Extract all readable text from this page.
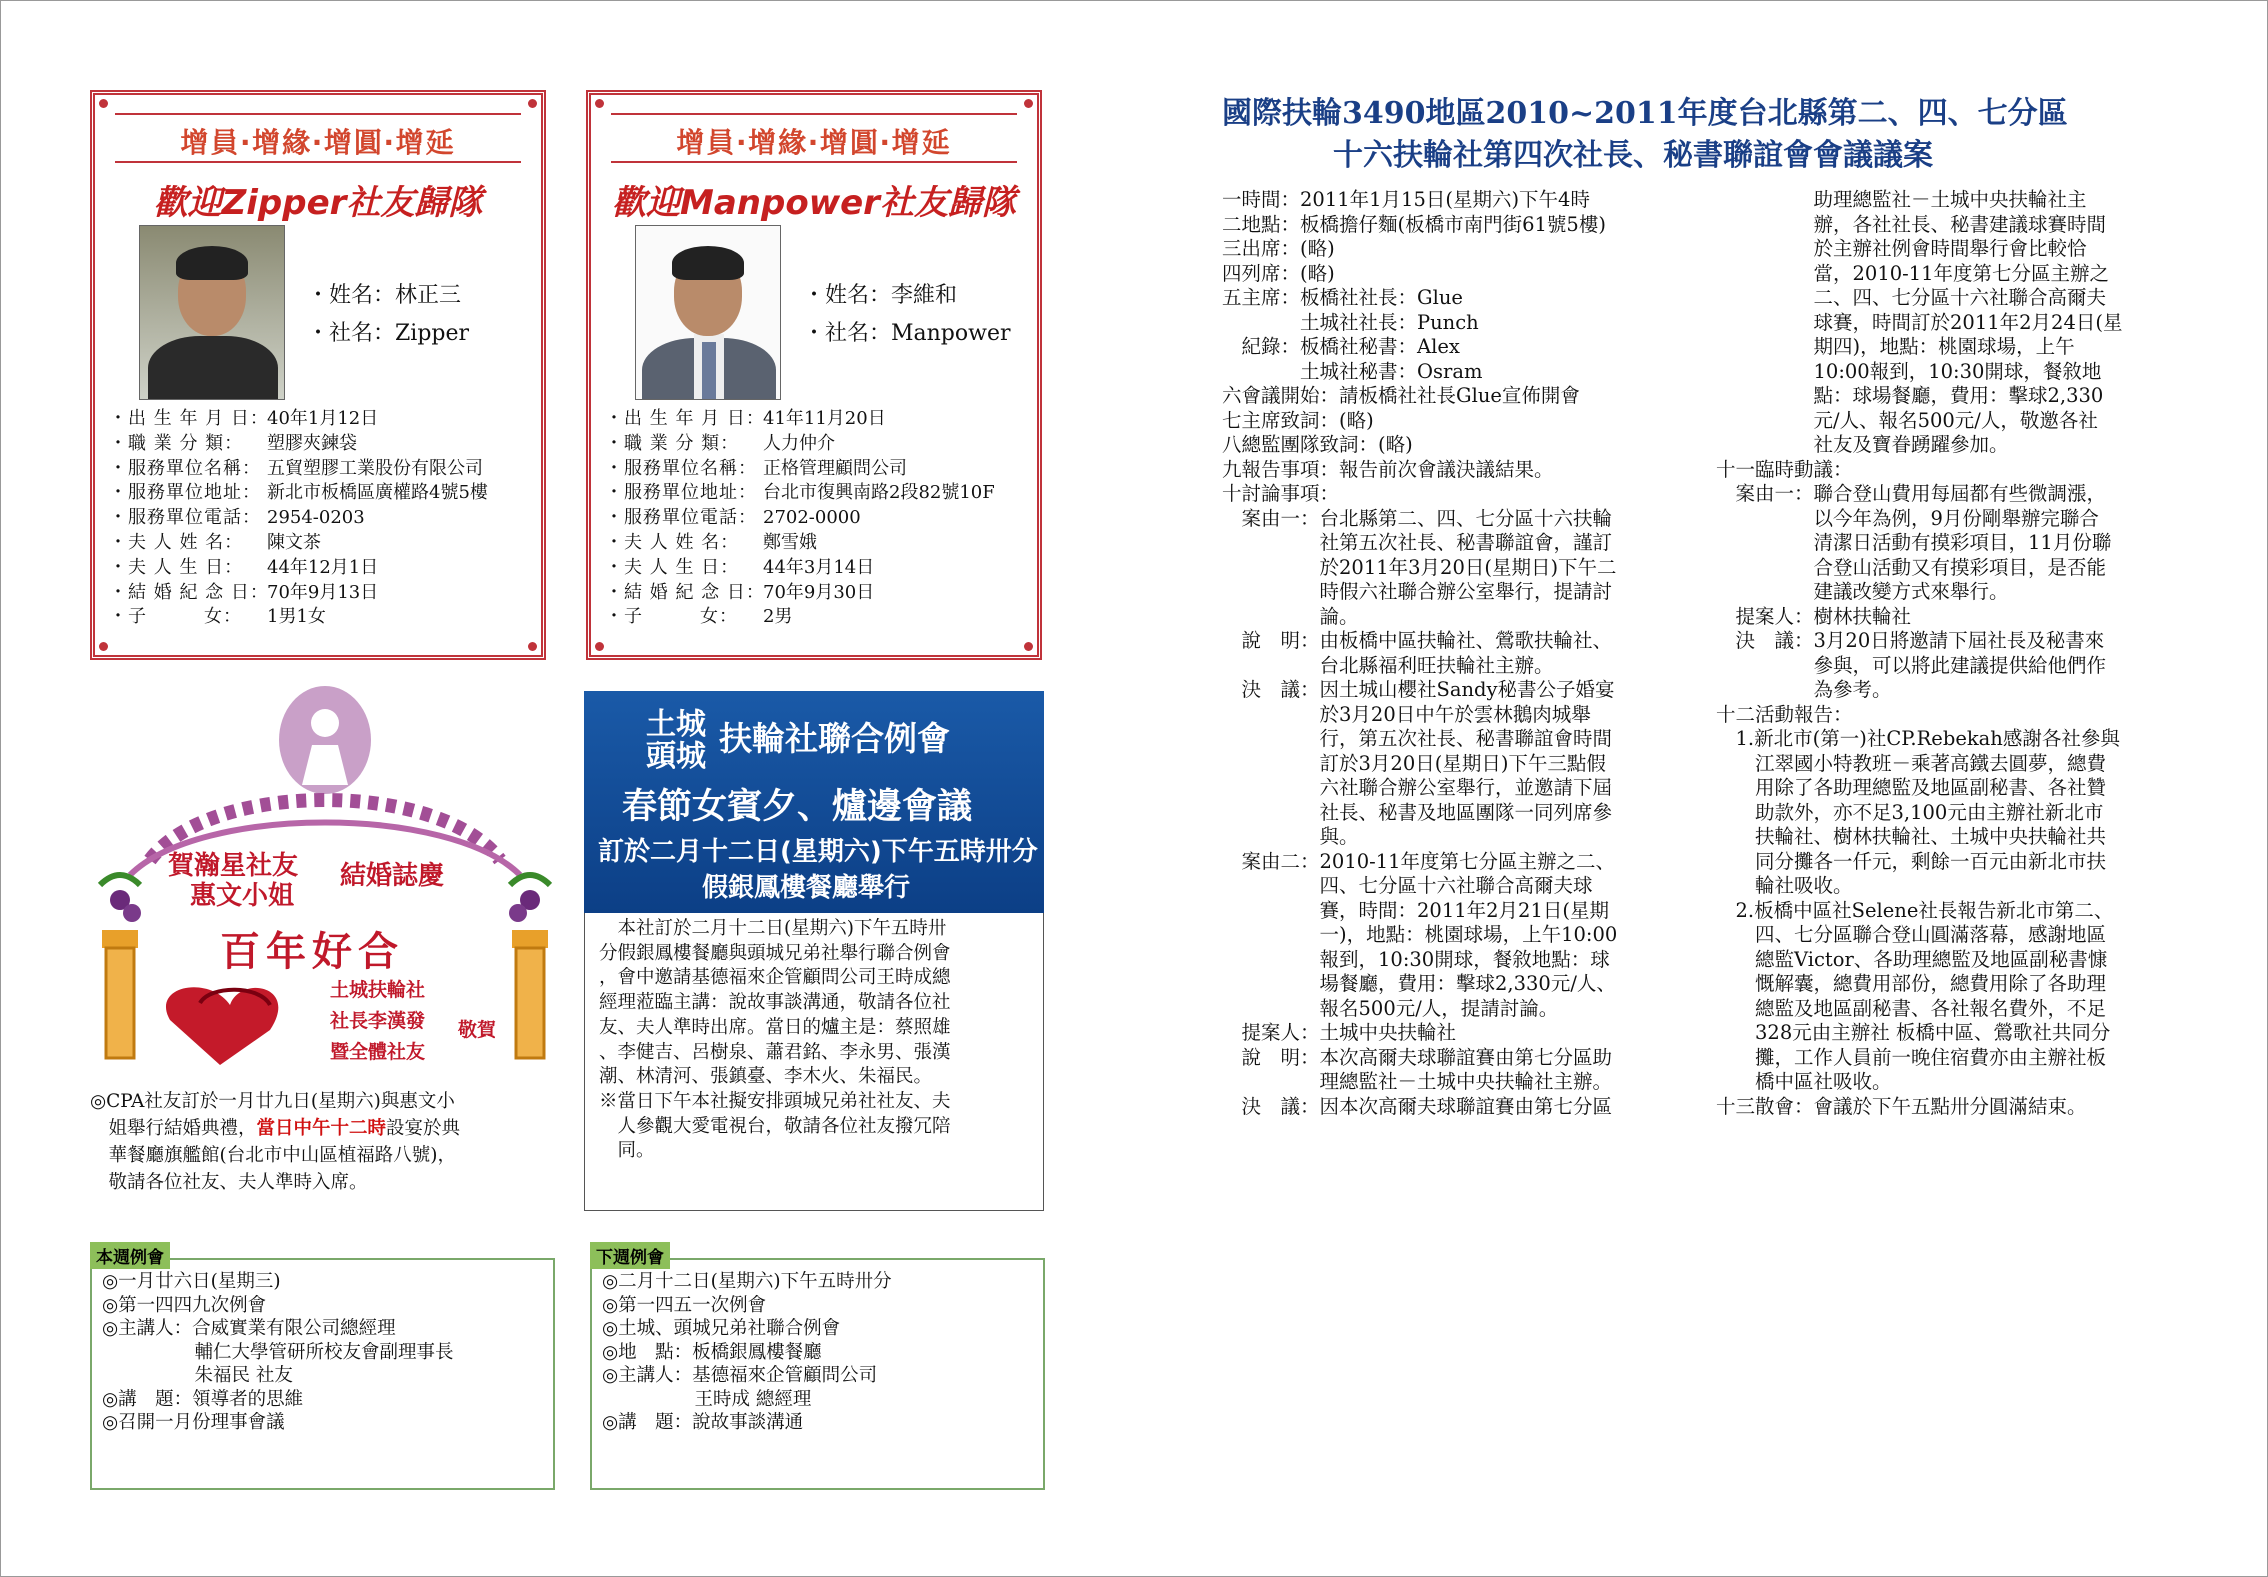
增員‧增緣‧增圓‧增延
歡迎Zipper社友歸隊
・姓名：林正三
・社名：Zipper
・出 生 年 月 日：40年1月12日
・職 業 分 類： 塑膠夾鍊袋
・服務單位名稱： 五貿塑膠工業股份有限公司
・服務單位地址： 新北市板橋區廣權路4號5樓
・服務單位電話： 2954-0203
・夫 人 姓 名： 陳文茶
・夫 人 生 日： 44年12月1日
・結 婚 紀 念 日：70年9月13日
・子　　　女： 1男1女
增員‧增緣‧增圓‧增延
歡迎Manpower社友歸隊
・姓名：李維和
・社名：Manpower
・出 生 年 月 日：41年11月20日
・職 業 分 類： 人力仲介
・服務單位名稱： 正格管理顧問公司
・服務單位地址： 台北市復興南路2段82號10F
・服務單位電話： 2702-0000
・夫 人 姓 名： 鄭雪娥
・夫 人 生 日： 44年3月14日
・結 婚 紀 念 日：70年9月30日
・子　　　女： 2男
賀瀚星社友
惠文小姐
結婚誌慶
百年好合
土城扶輪社
社長李漢發
暨全體社友
敬賀
◎CPA社友訂於一月廿九日(星期六)與惠文小
　姐舉行結婚典禮，當日中午十二時設宴於典
　華餐廳旗艦館(台北市中山區植福路八號)，
　敬請各位社友、夫人準時入席。
本週例會
◎一月廿六日(星期三)
◎第一四四九次例會
◎主講人：合威實業有限公司總經理
　　　　　輔仁大學管研所校友會副理事長
　　　　　朱福民 社友
◎講　題：領導者的思維
◎召開一月份理事會議
下週例會
◎二月十二日(星期六)下午五時卅分
◎第一四五一次例會
◎土城、頭城兄弟社聯合例會
◎地　點：板橋銀鳳樓餐廳
◎主講人：基德福來企管顧問公司
　　　　　王時成 總經理
◎講　題：說故事談溝通
土城
頭城 扶輪社聯合例會
春節女賓夕、爐邊會議
訂於二月十二日(星期六)下午五時卅分
假銀鳳樓餐廳舉行
　本社訂於二月十二日(星期六)下午五時卅
分假銀鳳樓餐廳與頭城兄弟社舉行聯合例會
，會中邀請基德福來企管顧問公司王時成總
經理蒞臨主講：說故事談溝通，敬請各位社
友、夫人準時出席。當日的爐主是：蔡照雄
、李健吉、呂樹泉、蕭君銘、李永男、張漢
潮、林清河、張鎮臺、李木火、朱福民。
※當日下午本社擬安排頭城兄弟社社友、夫
　人參觀大愛電視台，敬請各位社友撥冗陪
　同。
國際扶輪3490地區2010~2011年度台北縣第二、四、七分區
十六扶輪社第四次社長、秘書聯誼會會議議案
一時間：2011年1月15日(星期六)下午4時
二地點：板橋擔仔麵(板橋市南門街61號5樓)
三出席：(略)
四列席：(略)
五主席：板橋社社長：Glue
　　　　土城社社長：Punch
　紀錄：板橋社秘書：Alex
　　　　土城社秘書：Osram
六會議開始：請板橋社社長Glue宣佈開會
七主席致詞：(略)
八總監團隊致詞：(略)
九報告事項：報告前次會議決議結果。
十討論事項：
　案由一：台北縣第二、四、七分區十六扶輪
　　　　　社第五次社長、秘書聯誼會，謹訂
　　　　　於2011年3月20日(星期日)下午二
　　　　　時假六社聯合辦公室舉行，提請討
　　　　　論。
　說　明：由板橋中區扶輪社、鶯歌扶輪社、
　　　　　台北縣福利旺扶輪社主辦。
　決　議：因土城山櫻社Sandy秘書公子婚宴
　　　　　於3月20日中午於雲林鵝肉城舉
　　　　　行，第五次社長、秘書聯誼會時間
　　　　　訂於3月20日(星期日)下午三點假
　　　　　六社聯合辦公室舉行，並邀請下屆
　　　　　社長、秘書及地區團隊一同列席參
　　　　　與。
　案由二：2010-11年度第七分區主辦之二、
　　　　　四、七分區十六社聯合高爾夫球
　　　　　賽，時間：2011年2月21日(星期
　　　　　一)，地點：桃園球場，上午10:00
　　　　　報到，10:30開球，餐敘地點：球
　　　　　場餐廳，費用：擊球2,330元/人、
　　　　　報名500元/人，提請討論。
　提案人：土城中央扶輪社
　說　明：本次高爾夫球聯誼賽由第七分區助
　　　　　理總監社－土城中央扶輪社主辦。
　決　議：因本次高爾夫球聯誼賽由第七分區
　　　　　助理總監社－土城中央扶輪社主
　　　　　辦，各社社長、秘書建議球賽時間
　　　　　於主辦社例會時間舉行會比較恰
　　　　　當，2010-11年度第七分區主辦之
　　　　　二、四、七分區十六社聯合高爾夫
　　　　　球賽，時間訂於2011年2月24日(星
　　　　　期四)，地點：桃園球場，上午
　　　　　10:00報到，10:30開球，餐敘地
　　　　　點：球場餐廳，費用：擊球2,330
　　　　　元/人、報名500元/人，敬邀各社
　　　　　社友及寶眷踴躍參加。
十一臨時動議：
　案由一：聯合登山費用每屆都有些微調漲，
　　　　　以今年為例，9月份剛舉辦完聯合
　　　　　清潔日活動有摸彩項目，11月份聯
　　　　　合登山活動又有摸彩項目，是否能
　　　　　建議改變方式來舉行。
　提案人：樹林扶輪社
　決　議：3月20日將邀請下屆社長及秘書來
　　　　　參與，可以將此建議提供給他們作
　　　　　為參考。
十二活動報告：
　1.新北市(第一)社CP.Rebekah感謝各社參與
　　江翠國小特教班－乘著高鐵去圓夢，總費
　　用除了各助理總監及地區副秘書、各社贊
　　助款外，亦不足3,100元由主辦社新北市
　　扶輪社、樹林扶輪社、土城中央扶輪社共
　　同分攤各一仟元，剩餘一百元由新北市扶
　　輪社吸收。
　2.板橋中區社Selene社長報告新北市第二、
　　四、七分區聯合登山圓滿落幕，感謝地區
　　總監Victor、各助理總監及地區副秘書慷
　　慨解囊，總費用部份，總費用除了各助理
　　總監及地區副秘書、各社報名費外，不足
　　328元由主辦社 板橋中區、鶯歌社共同分
　　攤，工作人員前一晚住宿費亦由主辦社板
　　橋中區社吸收。
十三散會：會議於下午五點卅分圓滿結束。
